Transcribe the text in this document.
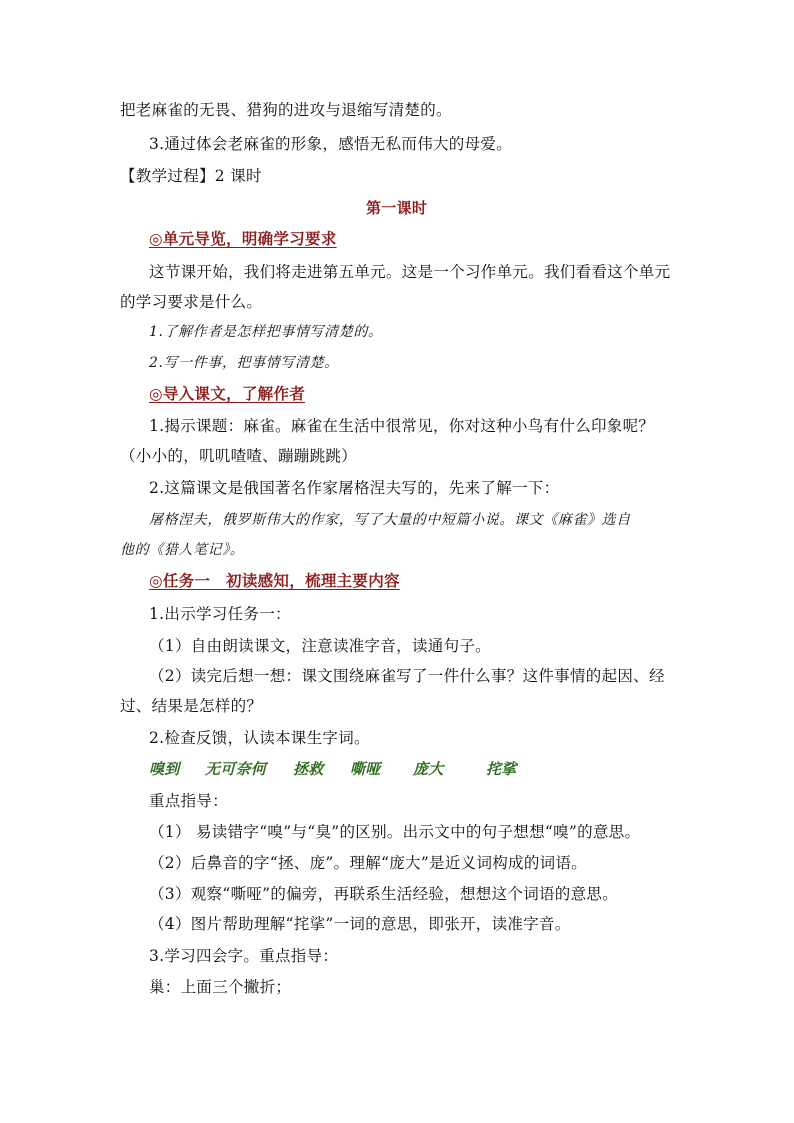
把老麻雀的无畏、猎狗的进攻与退缩写清楚的。
3.通过体会老麻雀的形象，感悟无私而伟大的母爱。
【教学过程】2 课时
第一课时
◎单元导览，明确学习要求
这节课开始，我们将走进第五单元。这是一个习作单元。我们看看这个单元
的学习要求是什么。
1.了解作者是怎样把事情写清楚的。
2.写一件事，把事情写清楚。
◎导入课文，了解作者
1.揭示课题：麻雀。麻雀在生活中很常见，你对这种小鸟有什么印象呢？
（小小的，叽叽喳喳、蹦蹦跳跳）
2.这篇课文是俄国著名作家屠格涅夫写的，先来了解一下：
屠格涅夫，俄罗斯伟大的作家，写了大量的中短篇小说。课文《麻雀》选自
他的《猎人笔记》。
◎任务一　初读感知，梳理主要内容
1.出示学习任务一：
（1）自由朗读课文，注意读准字音，读通句子。
（2）读完后想一想：课文围绕麻雀写了一件什么事？这件事情的起因、经
过、结果是怎样的？
2.检查反馈，认读本课生字词。
嗅到 无可奈何 拯救 嘶哑 庞大	挓挲
重点指导：
（1） 易读错字“嗅”与“臭”的区别。出示文中的句子想想“嗅”的意思。
（2）后鼻音的字“拯、庞”。理解“庞大”是近义词构成的词语。
（3）观察“嘶哑”的偏旁，再联系生活经验，想想这个词语的意思。
（4）图片帮助理解“挓挲”一词的意思，即张开，读准字音。
3.学习四会字。重点指导：
巢：上面三个撇折；
